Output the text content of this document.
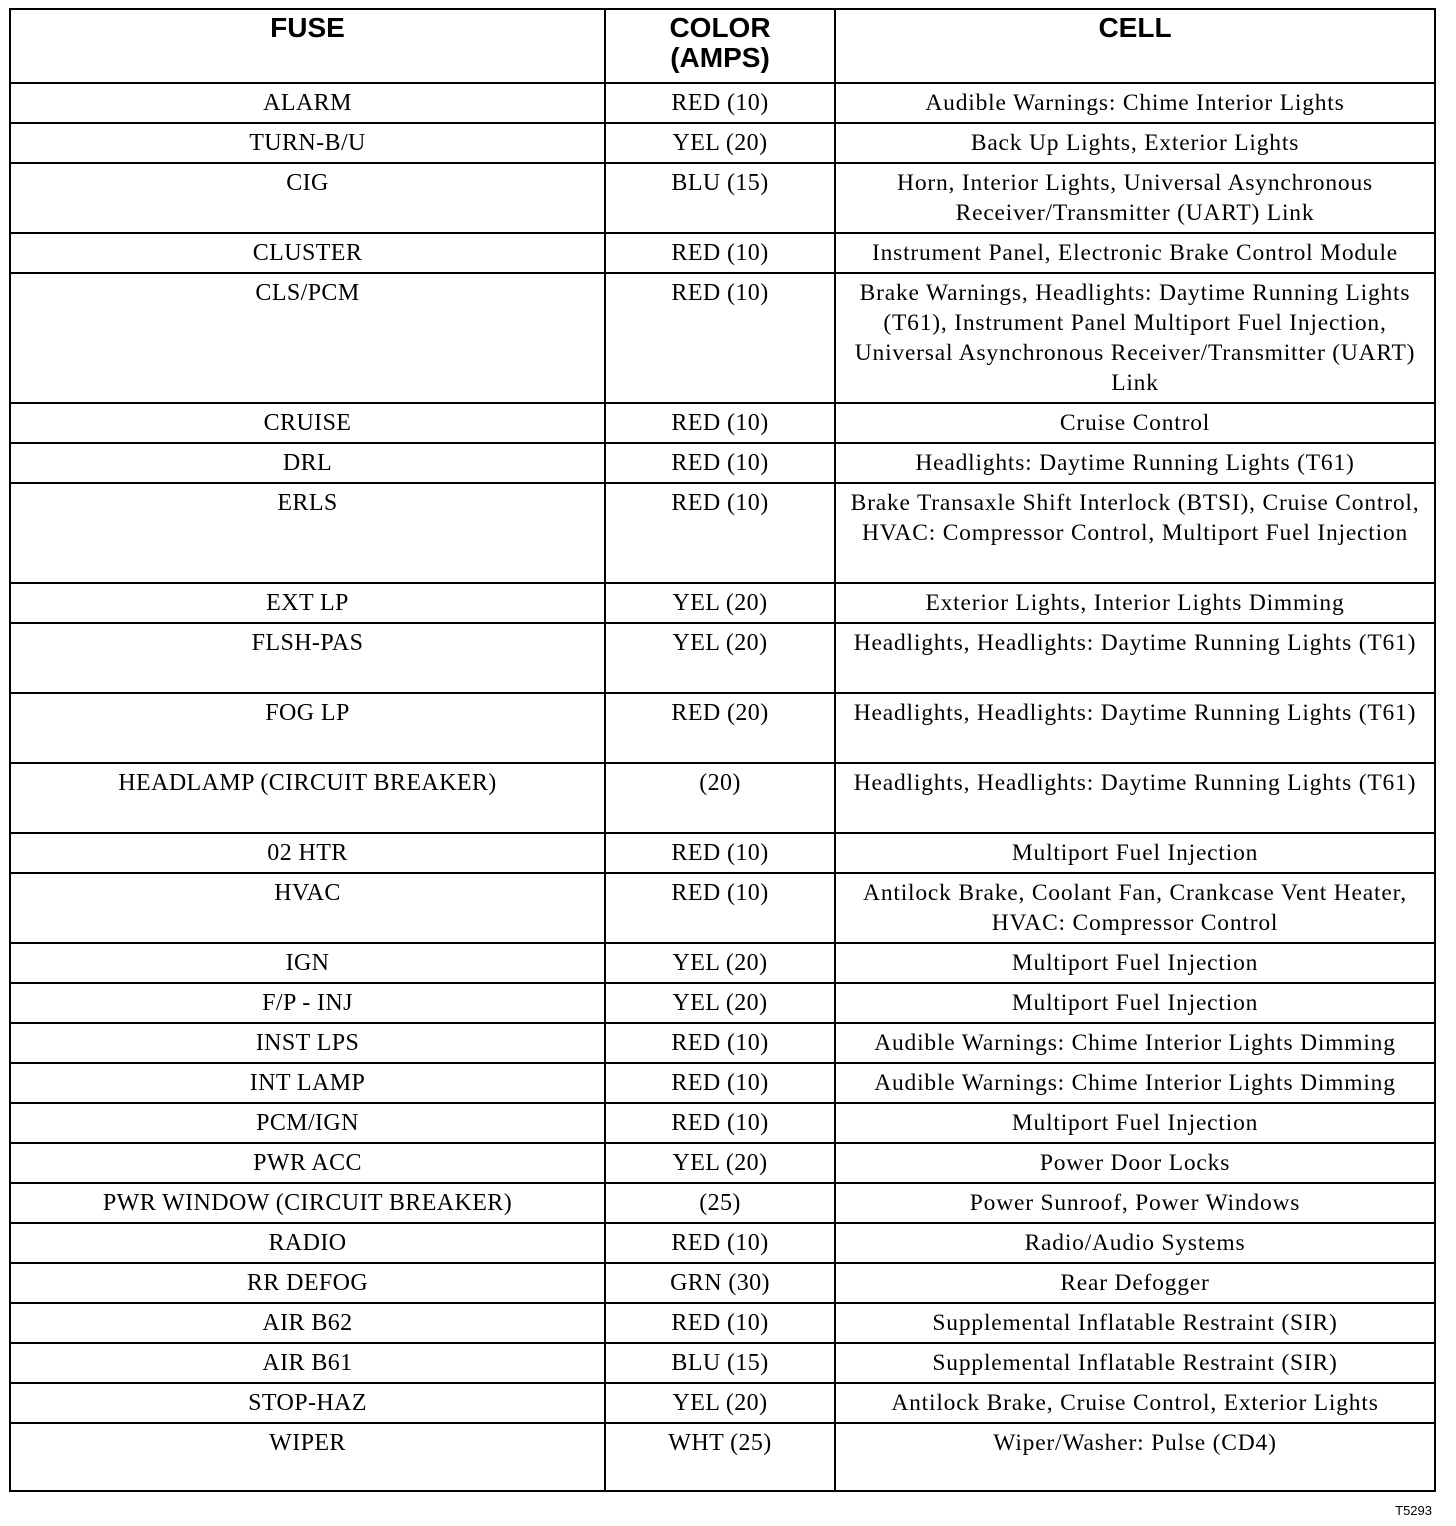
FUSE	COLOR (AMPS)	CELL
ALARM	RED (10)	Audible Warnings: Chime Interior Lights
TURN-B/U	YEL (20)	Back Up Lights, Exterior Lights
CIG	BLU (15)	Horn, Interior Lights, Universal Asynchronous Receiver/Transmitter (UART) Link
CLUSTER	RED (10)	Instrument Panel, Electronic Brake Control Module
CLS/PCM	RED (10)	Brake Warnings, Headlights: Daytime Running Lights (T61), Instrument Panel Multiport Fuel Injection, Universal Asynchronous Receiver/Transmitter (UART) Link
CRUISE	RED (10)	Cruise Control
DRL	RED (10)	Headlights: Daytime Running Lights (T61)
ERLS	RED (10)	Brake Transaxle Shift Interlock (BTSI), Cruise Control, HVAC: Compressor Control, Multiport Fuel Injection
EXT LP	YEL (20)	Exterior Lights, Interior Lights Dimming
FLSH-PAS	YEL (20)	Headlights, Headlights: Daytime Running Lights (T61)
FOG LP	RED (20)	Headlights, Headlights: Daytime Running Lights (T61)
HEADLAMP (CIRCUIT BREAKER)	(20)	Headlights, Headlights: Daytime Running Lights (T61)
02 HTR	RED (10)	Multiport Fuel Injection
HVAC	RED (10)	Antilock Brake, Coolant Fan, Crankcase Vent Heater, HVAC: Compressor Control
IGN	YEL (20)	Multiport Fuel Injection
F/P - INJ	YEL (20)	Multiport Fuel Injection
INST LPS	RED (10)	Audible Warnings: Chime Interior Lights Dimming
INT LAMP	RED (10)	Audible Warnings: Chime Interior Lights Dimming
PCM/IGN	RED (10)	Multiport Fuel Injection
PWR ACC	YEL (20)	Power Door Locks
PWR WINDOW (CIRCUIT BREAKER)	(25)	Power Sunroof, Power Windows
RADIO	RED (10)	Radio/Audio Systems
RR DEFOG	GRN (30)	Rear Defogger
AIR B62	RED (10)	Supplemental Inflatable Restraint (SIR)
AIR B61	BLU (15)	Supplemental Inflatable Restraint (SIR)
STOP-HAZ	YEL (20)	Antilock Brake, Cruise Control, Exterior Lights
WIPER	WHT (25)	Wiper/Washer: Pulse (CD4)
T5293
